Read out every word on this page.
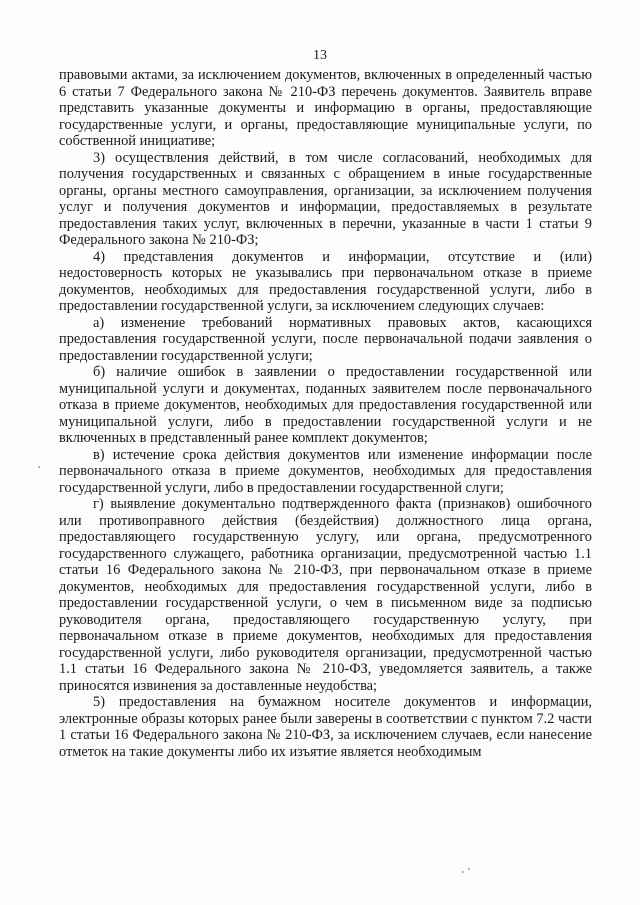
13

правовыми актами, за исключением документов, включенных в определенный частью 6 статьи 7 Федерального закона № 210-ФЗ перечень документов. Заявитель вправе представить указанные документы и информацию в органы, предоставляющие государственные услуги, и органы, предоставляющие муниципальные услуги, по собственной инициативе;

3) осуществления действий, в том числе согласований, необходимых для получения государственных и связанных с обращением в иные государственные органы, органы местного самоуправления, организации, за исключением получения услуг и получения документов и информации, предоставляемых в результате предоставления таких услуг, включенных в перечни, указанные в части 1 статьи 9 Федерального закона № 210-ФЗ;

4) представления документов и информации, отсутствие и (или) недостоверность которых не указывались при первоначальном отказе в приеме документов, необходимых для предоставления государственной услуги, либо в предоставлении государственной услуги, за исключением следующих случаев:

а) изменение требований нормативных правовых актов, касающихся предоставления государственной услуги, после первоначальной подачи заявления о предоставлении государственной услуги;

б) наличие ошибок в заявлении о предоставлении государственной или муниципальной услуги и документах, поданных заявителем после первоначального отказа в приеме документов, необходимых для предоставления государственной или муниципальной услуги, либо в предоставлении государственной услуги и не включенных в представленный ранее комплект документов;

в) истечение срока действия документов или изменение информации после первоначального отказа в приеме документов, необходимых для предоставления государственной услуги, либо в предоставлении государственной слуги;

г) выявление документально подтвержденного факта (признаков) ошибочного или противоправного действия (бездействия) должностного лица органа, предоставляющего государственную услугу, или органа, предусмотренного государственного служащего, работника организации, предусмотренной частью 1.1 статьи 16 Федерального закона № 210-ФЗ, при первоначальном отказе в приеме документов, необходимых для предоставления государственной услуги, либо в предоставлении государственной услуги, о чем в письменном виде за подписью руководителя органа, предоставляющего государственную услугу, при первоначальном отказе в приеме документов, необходимых для предоставления государственной услуги, либо руководителя организации, предусмотренной частью 1.1 статьи 16 Федерального закона № 210-ФЗ, уведомляется заявитель, а также приносятся извинения за доставленные неудобства;

5) предоставления на бумажном носителе документов и информации, электронные образы которых ранее были заверены в соответствии с пунктом 7.2 части 1 статьи 16 Федерального закона № 210-ФЗ, за исключением случаев, если нанесение отметок на такие документы либо их изъятие является необходимым
